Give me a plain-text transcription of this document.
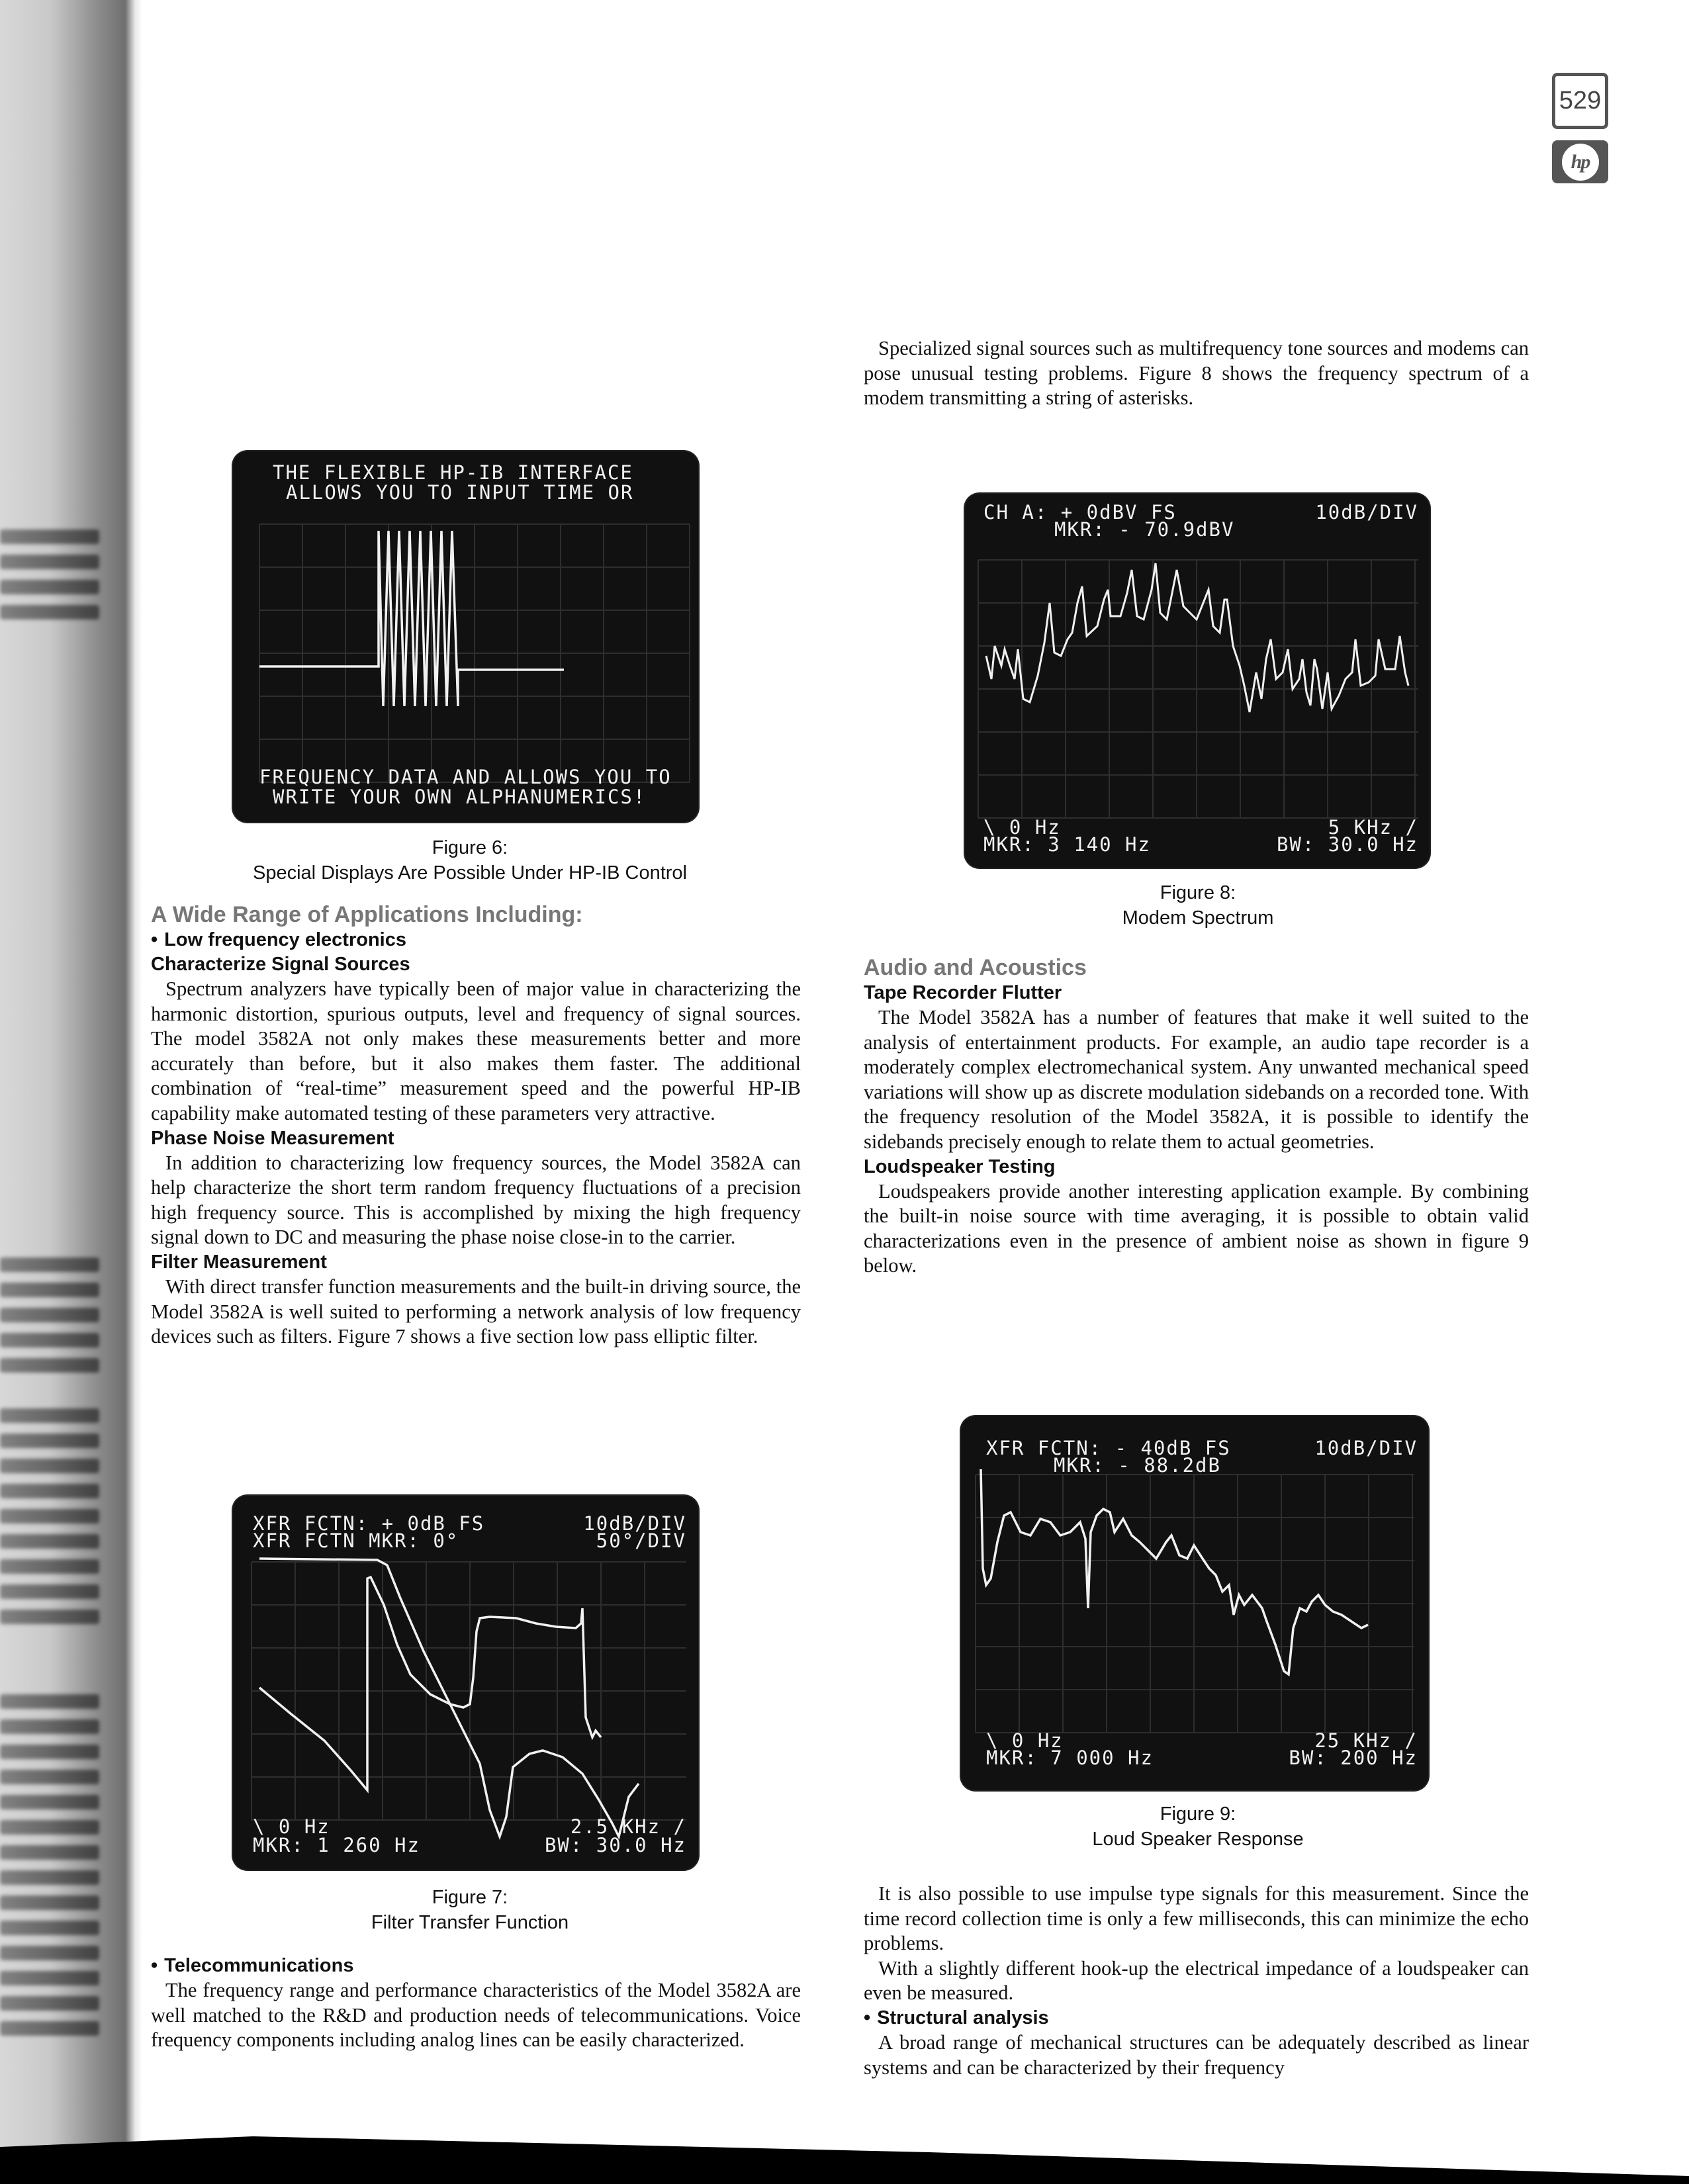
529
hp

Specialized signal sources such as multifrequency tone sources and modems can pose unusual testing problems. Figure 8 shows the frequency spectrum of a modem transmitting a string of asterisks.

THE FLEXIBLE HP-IB INTERFACE
ALLOWS YOU TO INPUT TIME OR
FREQUENCY DATA AND ALLOWS YOU TO
WRITE YOUR OWN ALPHANUMERICS!
Figure 6:
Special Displays Are Possible Under HP-IB Control
A Wide Range of Applications Including:
• Low frequency electronics
Characterize Signal Sources

Spectrum analyzers have typically been of major value in characterizing the harmonic distortion, spurious outputs, level and frequency of signal sources. The model 3582A not only makes these measurements better and more accurately than before, but it also makes them faster. The additional combination of “real-time” measurement speed and the powerful HP-IB capability make automated testing of these parameters very attractive.

Phase Noise Measurement

In addition to characterizing low frequency sources, the Model 3582A can help characterize the short term random frequency fluctuations of a precision high frequency source. This is accomplished by mixing the high frequency signal down to DC and measuring the phase noise close-in to the carrier.

Filter Measurement

With direct transfer function measurements and the built-in driving source, the Model 3582A is well suited to performing a network analysis of low frequency devices such as filters. Figure 7 shows a five section low pass elliptic filter.

XFR FCTN: + 0dB FS
XFR FCTN MKR: 0°
10dB/DIV
50°/DIV
\ 0 Hz
MKR: 1 260 Hz
2.5 KHz /
BW: 30.0 Hz
Figure 7:
Filter Transfer Function
• Telecommunications

The frequency range and performance characteristics of the Model 3582A are well matched to the R&D and production needs of telecommunications. Voice frequency components including analog lines can be easily characterized.

CH A: + 0dBV FS
MKR: - 70.9dBV
10dB/DIV
\ 0 Hz
MKR: 3 140 Hz
5 KHz /
BW: 30.0 Hz
Figure 8:
Modem Spectrum
Audio and Acoustics
Tape Recorder Flutter

The Model 3582A has a number of features that make it well suited to the analysis of entertainment products. For example, an audio tape recorder is a moderately complex electromechanical system. Any unwanted mechanical speed variations will show up as discrete modulation sidebands on a recorded tone. With the frequency resolution of the Model 3582A, it is possible to identify the sidebands precisely enough to relate them to actual geometries.

Loudspeaker Testing

Loudspeakers provide another interesting application example. By combining the built-in noise source with time averaging, it is possible to obtain valid characterizations even in the presence of ambient noise as shown in figure 9 below.

XFR FCTN: - 40dB FS
MKR: - 88.2dB
10dB/DIV
\ 0 Hz
MKR: 7 000 Hz
25 KHz /
BW: 200 Hz
Figure 9:
Loud Speaker Response

It is also possible to use impulse type signals for this measurement. Since the time record collection time is only a few milliseconds, this can minimize the echo problems.

With a slightly different hook-up the electrical impedance of a loudspeaker can even be measured.

• Structural analysis

A broad range of mechanical structures can be adequately described as linear systems and can be characterized by their frequency
